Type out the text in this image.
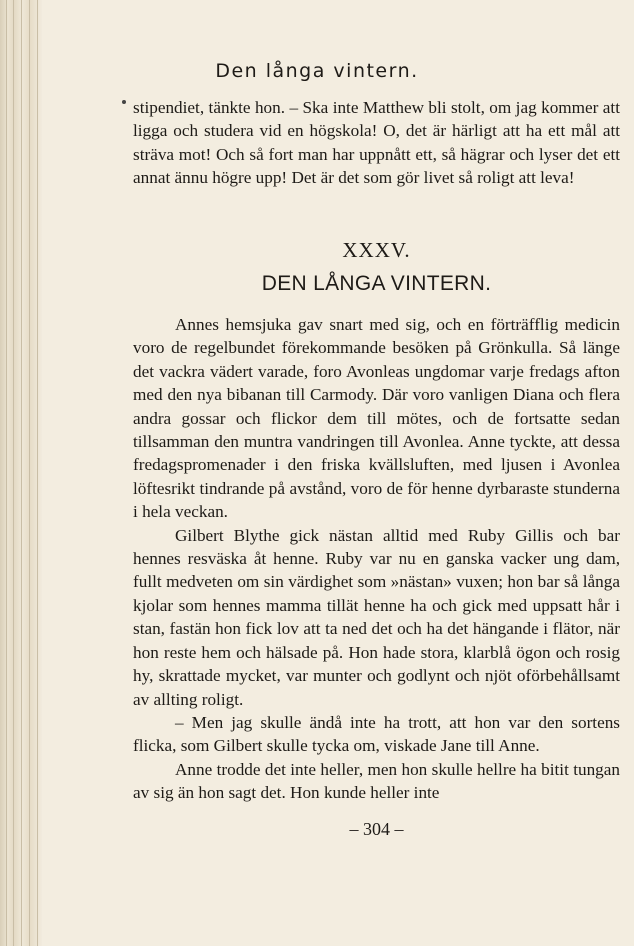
Den långa vintern.

stipendiet, tänkte hon. – Ska inte Matthew bli stolt, om jag kommer att ligga och studera vid en högskola! O, det är härligt att ha ett mål att sträva mot! Och så fort man har uppnått ett, så hägrar och lyser det ett annat ännu högre upp! Det är det som gör livet så roligt att leva!

XXXV.
DEN LÅNGA VINTERN.

Annes hemsjuka gav snart med sig, och en förträfflig medicin voro de regelbundet förekommande besöken på Grönkulla. Så länge det vackra vädert varade, foro Avonleas ungdomar varje fredags afton med den nya bibanan till Carmody. Där voro vanligen Diana och flera andra gossar och flickor dem till mötes, och de fortsatte sedan tillsamman den muntra vandringen till Avonlea. Anne tyckte, att dessa fredagspromenader i den friska kvällsluften, med ljusen i Avonlea löftesrikt tindrande på avstånd, voro de för henne dyrbaraste stunderna i hela veckan.

Gilbert Blythe gick nästan alltid med Ruby Gillis och bar hennes resväska åt henne. Ruby var nu en ganska vacker ung dam, fullt medveten om sin värdighet som »nästan» vuxen; hon bar så långa kjolar som hennes mamma tillät henne ha och gick med uppsatt hår i stan, fastän hon fick lov att ta ned det och ha det hängande i flätor, när hon reste hem och hälsade på. Hon hade stora, klarblå ögon och rosig hy, skrattade mycket, var munter och godlynt och njöt oförbehållsamt av allting roligt.

– Men jag skulle ändå inte ha trott, att hon var den sortens flicka, som Gilbert skulle tycka om, viskade Jane till Anne.

Anne trodde det inte heller, men hon skulle hellre ha bitit tungan av sig än hon sagt det. Hon kunde heller inte

– 304 –
